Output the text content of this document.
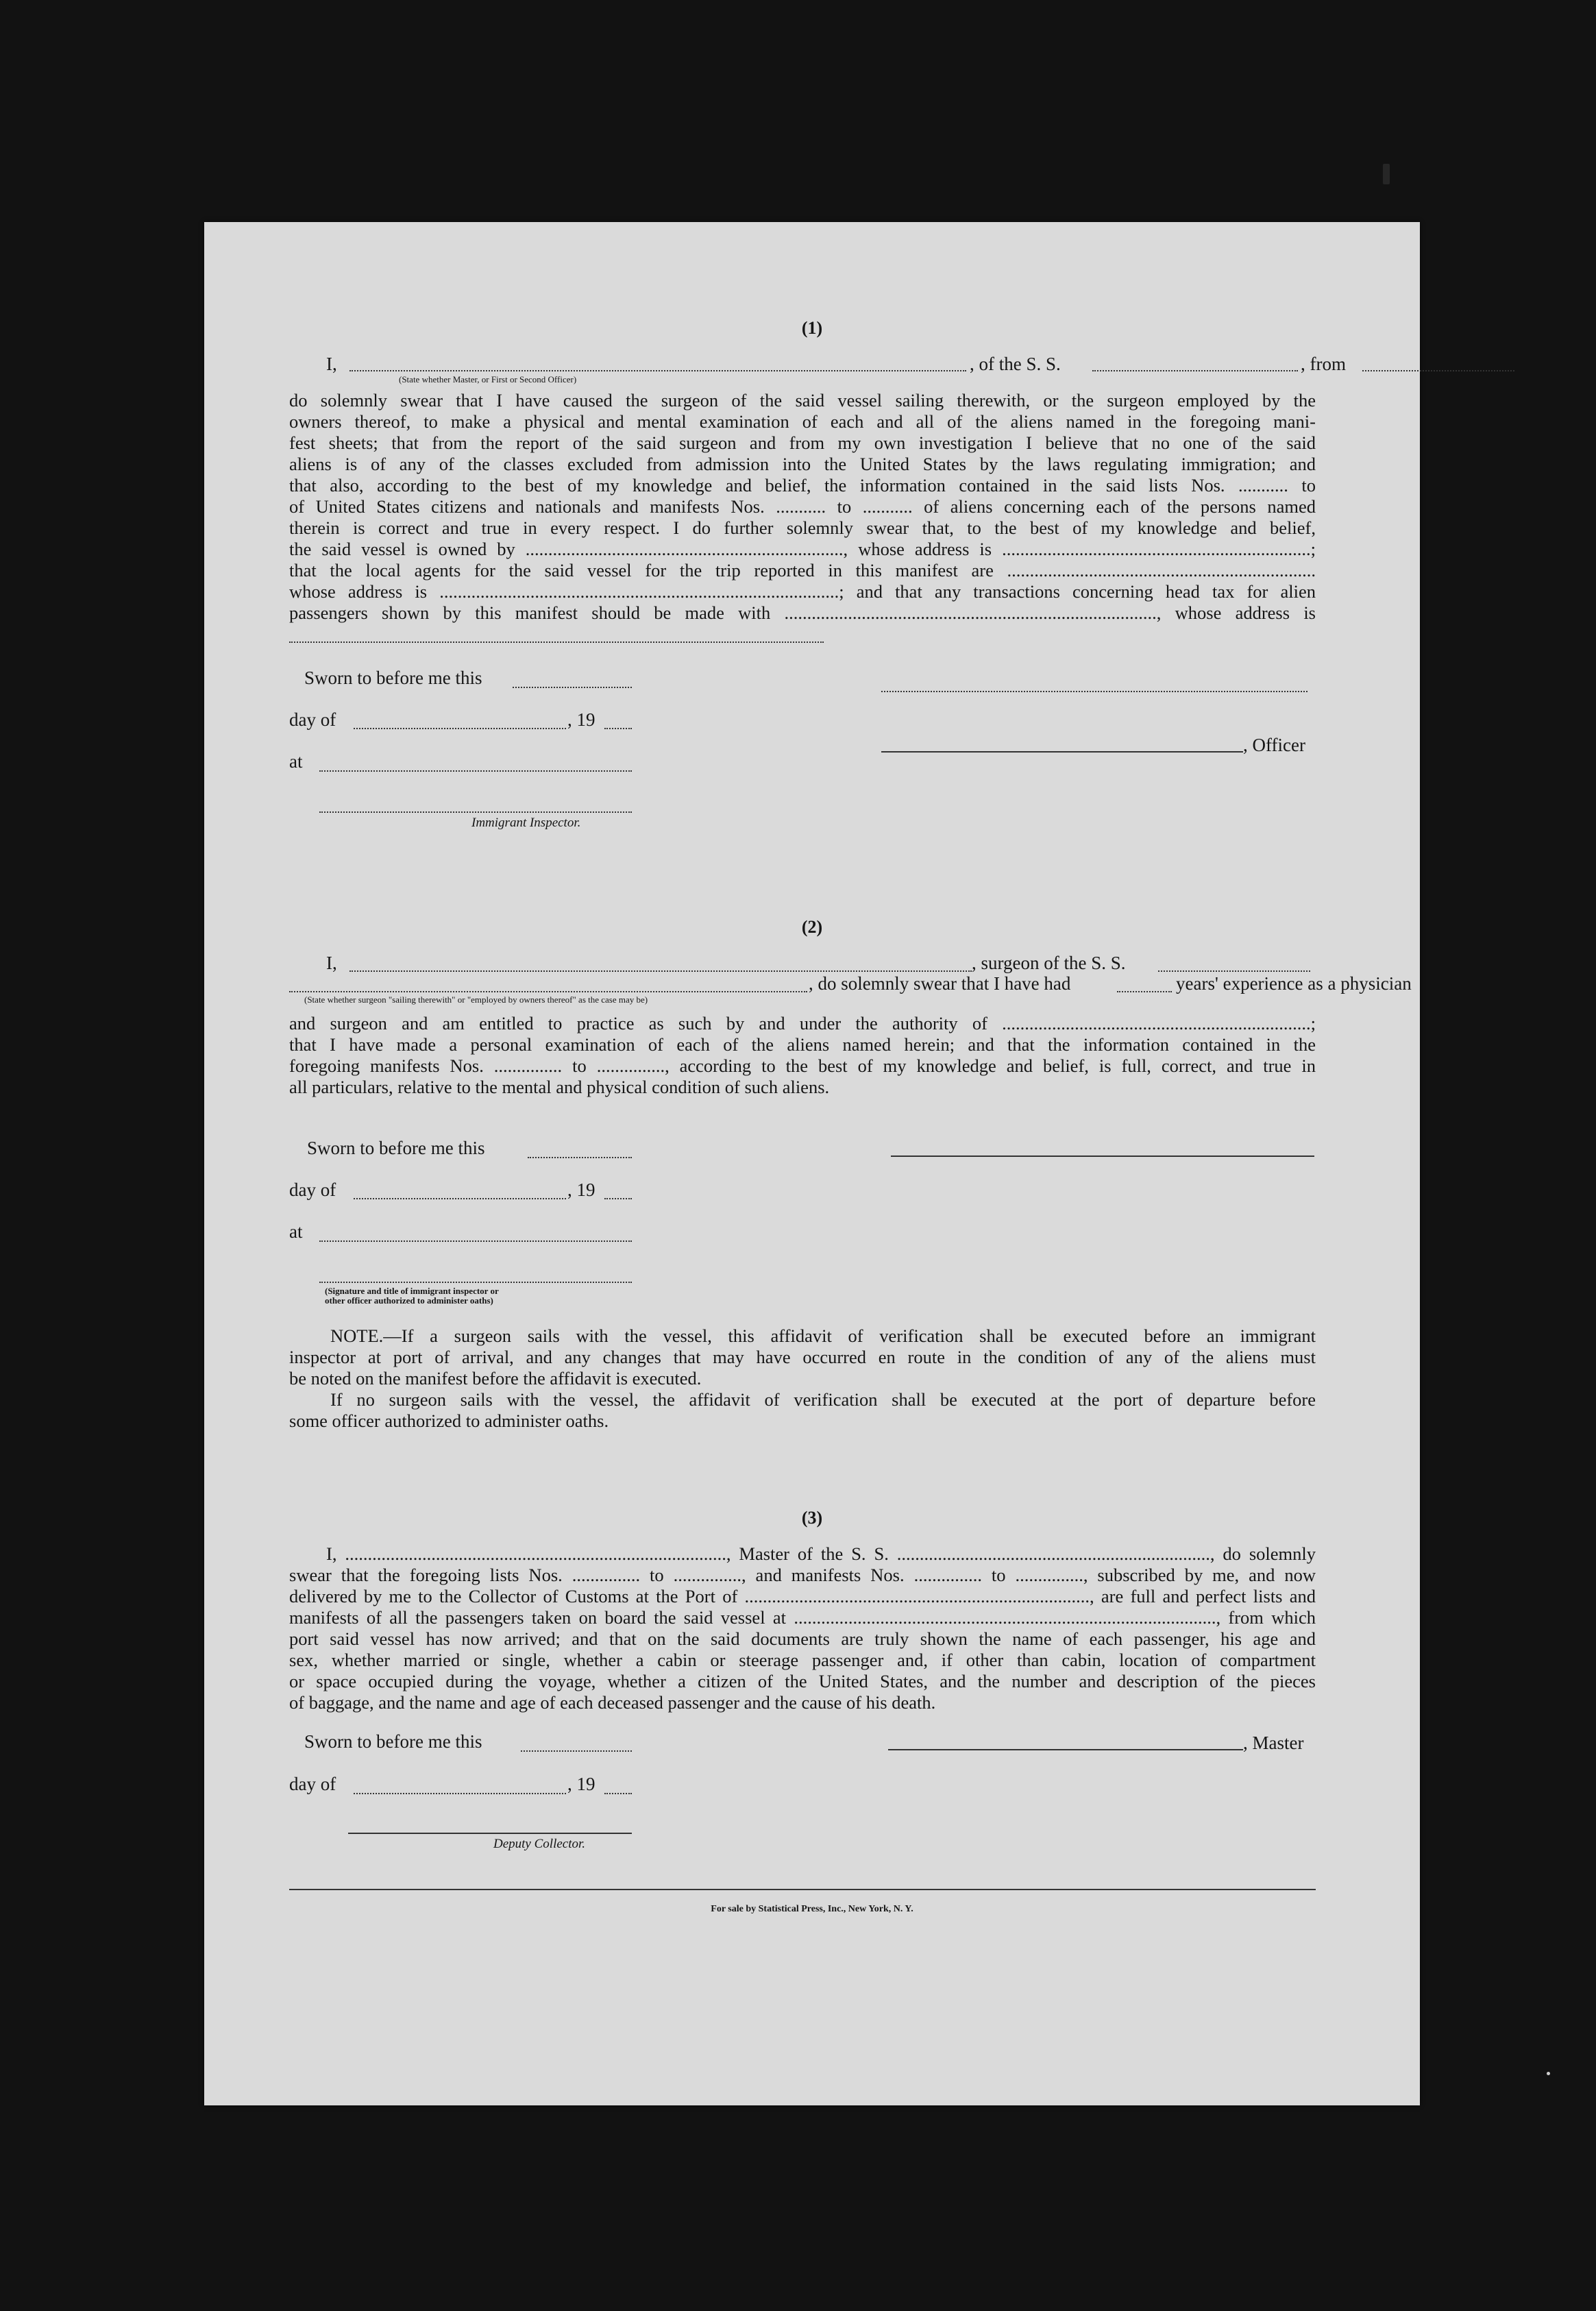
(1)
I,	, of the S. S.	, from
(State whether Master, or First or Second Officer)
do solemnly swear that I have caused the surgeon of the said vessel sailing therewith, or the surgeon employed by the
owners thereof, to make a physical and mental examination of each and all of the aliens named in the foregoing mani-
fest sheets; that from the report of the said surgeon and from my own investigation I believe that no one of the said
aliens is of any of the classes excluded from admission into the United States by the laws regulating immigration; and
that also, according to the best of my knowledge and belief, the information contained in the said lists Nos. ........... to
of United States citizens and nationals and manifests Nos. ........... to ........... of aliens concerning each of the persons named
therein is correct and true in every respect. I do further solemnly swear that, to the best of my knowledge and belief,
the said vessel is owned by ......................................................................, whose address is ....................................................................;
that the local agents for the said vessel for the trip reported in this manifest are ....................................................................
whose address is ........................................................................................; and that any transactions concerning head tax for alien
passengers shown by this manifest should be made with .................................................................................., whose address is
Sworn to before me this
day of	, 19
at
Immigrant Inspector.
, Officer
(2)
I,	, surgeon of the S. S.
, do solemnly swear that I have had	years' experience as a physician
(State whether surgeon "sailing therewith" or "employed by owners thereof" as the case may be)
and surgeon and am entitled to practice as such by and under the authority of ....................................................................;
that I have made a personal examination of each of the aliens named herein; and that the information contained in the
foregoing manifests Nos. ............... to ..............., according to the best of my knowledge and belief, is full, correct, and true in
all particulars, relative to the mental and physical condition of such aliens.
Sworn to before me this
day of	, 19
at
(Signature and title of immigrant inspector or
other officer authorized to administer oaths)
NOTE.—If a surgeon sails with the vessel, this affidavit of verification shall be executed before an immigrant
inspector at port of arrival, and any changes that may have occurred en route in the condition of any of the aliens must
be noted on the manifest before the affidavit is executed.
If no surgeon sails with the vessel, the affidavit of verification shall be executed at the port of departure before
some officer authorized to administer oaths.
(3)
I, ...................................................................................., Master of the S. S. ....................................................................., do solemnly
swear that the foregoing lists Nos. ............... to ..............., and manifests Nos. ............... to ..............., subscribed by me, and now
delivered by me to the Collector of Customs at the Port of ............................................................................, are full and perfect lists and
manifests of all the passengers taken on board the said vessel at ............................................................................................., from which
port said vessel has now arrived; and that on the said documents are truly shown the name of each passenger, his age and
sex, whether married or single, whether a cabin or steerage passenger and, if other than cabin, location of compartment
or space occupied during the voyage, whether a citizen of the United States, and the number and description of the pieces
of baggage, and the name and age of each deceased passenger and the cause of his death.
Sworn to before me this	, Master
day of	, 19
Deputy Collector.
For sale by Statistical Press, Inc., New York, N. Y.
